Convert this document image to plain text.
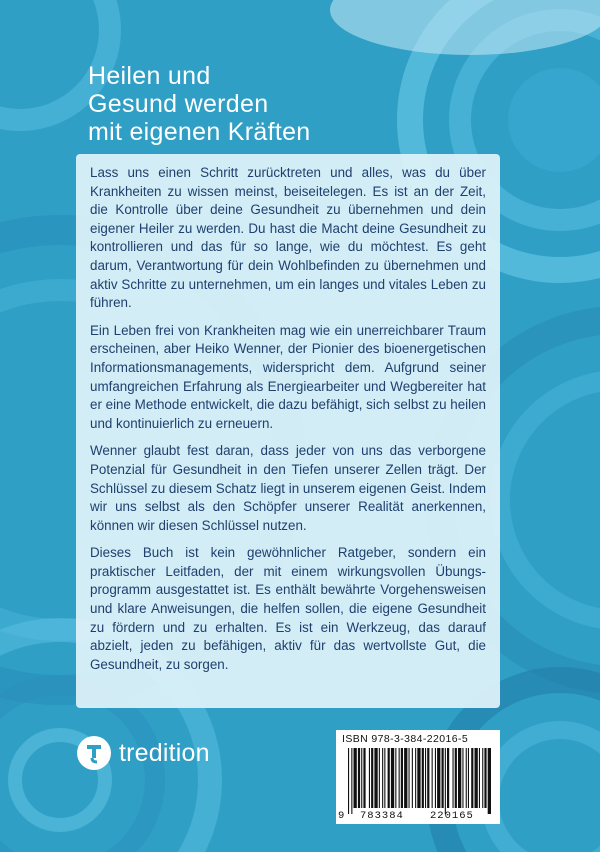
Heilen und
Gesund werden
mit eigenen Kräften

Lass uns einen Schritt zurücktreten und alles, was du über Krankheiten zu wissen meinst, beiseitelegen. Es ist an der Zeit, die Kontrolle über deine Gesundheit zu übernehmen und dein eigener Heiler zu werden. Du hast die Macht deine Gesundheit zu kontrollieren und das für so lange, wie du möchtest. Es geht darum, Verantwortung für dein Wohlbefinden zu übernehmen und aktiv Schritte zu unternehmen, um ein langes und vitales Leben zu führen.

Ein Leben frei von Krankheiten mag wie ein unerreichbarer Traum erscheinen, aber Heiko Wenner, der Pionier des bioenergetischen Informationsmanagements, widerspricht dem. Aufgrund seiner umfangreichen Erfahrung als Energiearbeiter und Wegbereiter hat er eine Methode entwickelt, die dazu befähigt, sich selbst zu heilen und kontinuierlich zu erneuern.

Wenner glaubt fest daran, dass jeder von uns das verborgene Potenzial für Gesundheit in den Tiefen unserer Zellen trägt. Der Schlüssel zu diesem Schatz liegt in unserem eigenen Geist. Indem wir uns selbst als den Schöpfer unserer Realität anerkennen, können wir diesen Schlüssel nutzen.

Dieses Buch ist kein gewöhnlicher Ratgeber, sondern ein praktischer Leitfaden, der mit einem wirkungsvollen Übungsprogramm ausgestattet ist. Es enthält bewährte Vorgehensweisen und klare Anweisungen, die helfen sollen, die eigene Gesundheit zu fördern und zu erhalten. Es ist ein Werkzeug, das darauf abzielt, jeden zu befähigen, aktiv für das wertvollste Gut, die Gesundheit, zu sorgen.

tredition	ISBN 978-3-384-22016-5
9 783384 220165
